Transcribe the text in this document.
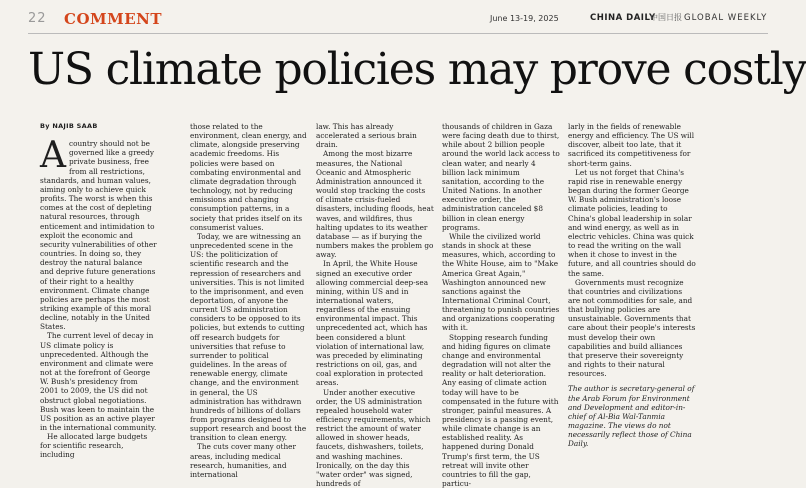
22 COMMENT	June 13-19, 2025	CHINA DAILY
中国日报 GLOBAL WEEKLY
US climate policies may prove costly
By NAJIB SAAB

Acountry should not be governed like a greedy private business, free from all restrictions, standards, and human values, aiming only to achieve quick profits. The worst is when this comes at the cost of depleting natural resources, through enticement and intimidation to exploit the economic and security vulnerabilities of other countries. In doing so, they destroy the natural balance and deprive future generations of their right to a healthy environment. Climate change policies are perhaps the most striking example of this moral decline, notably in the United States.

The current level of decay in US climate policy is unprecedented. Although the environment and climate were not at the forefront of George W. Bush's presidency from 2001 to 2009, the US did not obstruct global negotiations. Bush was keen to maintain the US position as an active player in the international community.

He allocated large budgets for scientific research, including

those related to the environment, clean energy, and climate, alongside preserving academic freedoms. His policies were based on combating environmental and climate degradation through technology, not by reducing emissions and changing consumption patterns, in a society that prides itself on its consumerist values.

Today, we are witnessing an unprecedented scene in the US: the politicization of scientific research and the repression of researchers and universities. This is not limited to the imprisonment, and even deportation, of anyone the current US administration considers to be opposed to its policies, but extends to cutting off research budgets for universities that refuse to surrender to political guidelines. In the areas of renewable energy, climate change, and the environment in general, the US administration has withdrawn hundreds of billions of dollars from programs designed to support research and boost the transition to clean energy.

The cuts cover many other areas, including medical research, humanities, and international

law. This has already accelerated a serious brain drain.

Among the most bizarre measures, the National Oceanic and Atmospheric Administration announced it would stop tracking the costs of climate crisis-fueled disasters, including floods, heat waves, and wildfires, thus halting updates to its weather database — as if burying the numbers makes the problem go away.

In April, the White House signed an executive order allowing commercial deep-sea mining, within US and in international waters, regardless of the ensuing environmental impact. This unprecedented act, which has been considered a blunt violation of international law, was preceded by eliminating restrictions on oil, gas, and coal exploration in protected areas.

Under another executive order, the US administration repealed household water efficiency requirements, which restrict the amount of water allowed in shower heads, faucets, dishwashers, toilets, and washing machines. Ironically, on the day this "water order" was signed, hundreds of

thousands of children in Gaza were facing death due to thirst, while about 2 billion people around the world lack access to clean water, and nearly 4 billion lack minimum sanitation, according to the United Nations. In another executive order, the administration canceled $8 billion in clean energy programs.

While the civilized world stands in shock at these measures, which, according to the White House, aim to "Make America Great Again," Washington announced new sanctions against the International Criminal Court, threatening to punish countries and organizations cooperating with it.

Stopping research funding and hiding figures on climate change and environmental degradation will not alter the reality or halt deterioration. Any easing of climate action today will have to be compensated in the future with stronger, painful measures. A presidency is a passing event, while climate change is an established reality. As happened during Donald Trump's first term, the US retreat will invite other countries to fill the gap, particu-

larly in the fields of renewable energy and efficiency. The US will discover, albeit too late, that it sacrificed its competitiveness for short-term gains.

Let us not forget that China's rapid rise in renewable energy began during the former George W. Bush administration's loose climate policies, leading to China's global leadership in solar and wind energy, as well as in electric vehicles. China was quick to read the writing on the wall when it chose to invest in the future, and all countries should do the same.

Governments must recognize that countries and civilizations are not commodities for sale, and that bullying policies are unsustainable. Governments that care about their people's interests must develop their own capabilities and build alliances that preserve their sovereignty and rights to their natural resources.

The author is secretary-general of the Arab Forum for Environment and Development and editor-in-chief of Al-Bia Wal-Tanmia magazine. The views do not necessarily reflect those of China Daily.
